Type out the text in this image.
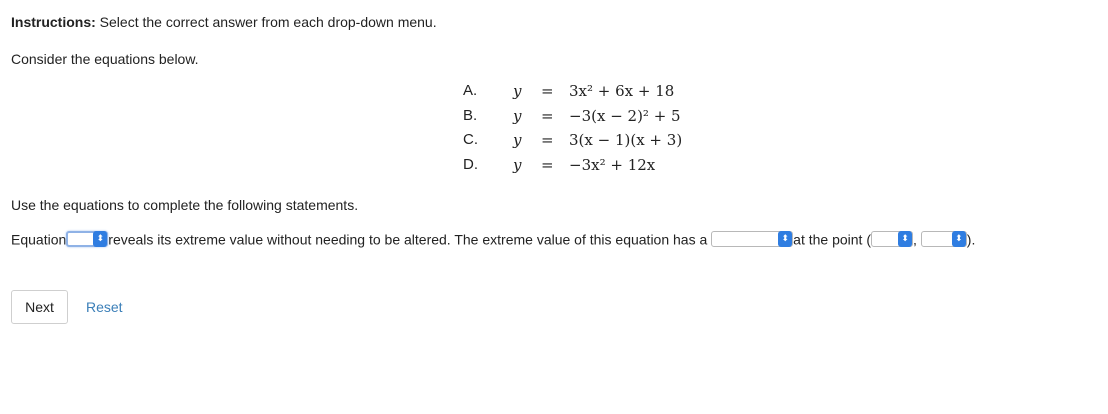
Instructions: Select the correct answer from each drop-down menu.
Consider the equations below.
A. y = 3x² + 6x + 18
B. y = −3(x − 2)² + 5
C. y = 3(x − 1)(x + 3)
D. y = −3x² + 12x
Use the equations to complete the following statements.
Equation	⬍ reveals its extreme value without needing to be altered. The extreme value of this equation has a	⬍ at the point (	⬍ ,	⬍ ).
Next	Reset
